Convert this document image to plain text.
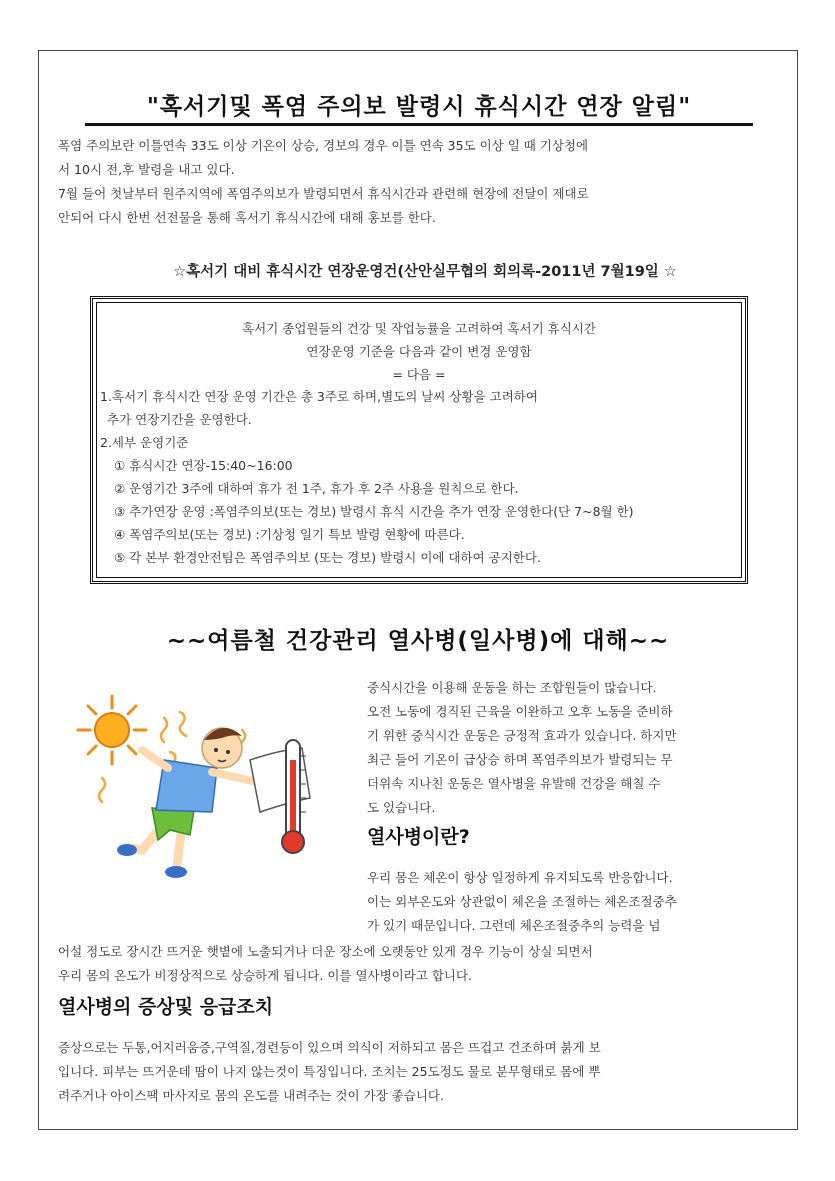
"혹서기및 폭염 주의보 발령시 휴식시간 연장 알림"
폭염 주의보란 이틀연속 33도 이상 기온이 상승, 경보의 경우 이틀 연속 35도 이상 일 때 기상청에
서 10시 전,후 발령을 내고 있다.
7월 들어 첫날부터 원주지역에 폭염주의보가 발령되면서 휴식시간과 관련해 현장에 전달이 제대로
안되어 다시 한번 선전물을 통해 혹서기 휴식시간에 대해 홍보를 한다.
☆혹서기 대비 휴식시간 연장운영건(산안실무협의 회의록-2011년 7월19일 ☆
혹서기 종업원들의 건강 및 작업능률을 고려하여 혹서기 휴식시간
연장운영 기준을 다음과 같이 변경 운영함
= 다음 =
1.혹서기 휴식시간 연장 운영 기간은 총 3주로 하며,별도의 날씨 상황을 고려하여
추가 연장기간을 운영한다.
2.세부 운영기준
① 휴식시간 연장-15:40~16:00
② 운영기간 3주에 대하여 휴가 전 1주, 휴가 후 2주 사용을 원칙으로 한다.
③ 추가연장 운영 :폭염주의보(또는 경보) 발령시 휴식 시간을 추가 연장 운영한다(단 7~8월 한)
④ 폭염주의보(또는 경보) :기상청 일기 특보 발령 현황에 따른다.
⑤ 각 본부 환경안전팀은 폭염주의보 (또는 경보) 발령시 이에 대하여 공지한다.
~~여름철 건강관리 열사병(일사병)에 대해~~
중식시간을 이용해 운동을 하는 조합원들이 많습니다.
오전 노동에 경직된 근육을 이완하고 오후 노동을 준비하
기 위한 중식시간 운동은 긍정적 효과가 있습니다. 하지만
최근 들어 기온이 급상승 하며 폭염주의보가 발령되는 무
더위속 지나친 운동은 열사병을 유발해 건강을 해칠 수
도 있습니다.
열사병이란?
우리 몸은 체온이 항상 일정하게 유지되도록 반응합니다.
이는 외부온도와 상관없이 체온을 조절하는 체온조절중추
가 있기 때문입니다. 그런데 체온조절중추의 능력을 넘
어설 정도로 장시간 뜨거운 햇볕에 노출되거나 더운 장소에 오랫동안 있게 경우 기능이 상실 되면서
우리 몸의 온도가 비정상적으로 상승하게 됩니다. 이를 열사병이라고 합니다.
열사병의 증상및 응급조치
증상으로는 두통,어지러움증,구역질,경련등이 있으며 의식이 저하되고 몸은 뜨겁고 건조하며 붉게 보
입니다. 피부는 뜨거운데 땀이 나지 않는것이 특징입니다. 조치는 25도정도 물로 분무형태로 몸에 뿌
려주거나 아이스팩 마사지로 몸의 온도를 내려주는 것이 가장 좋습니다.
